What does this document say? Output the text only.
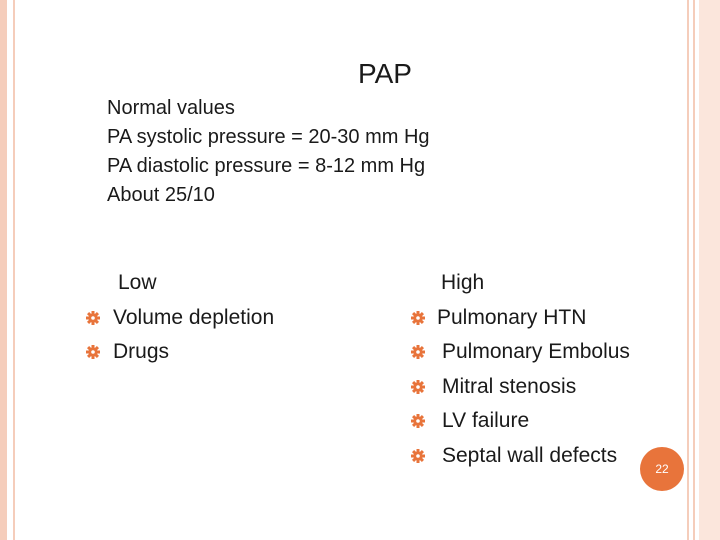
PAP
Normal values
PA systolic pressure = 20-30 mm Hg
PA diastolic pressure = 8-12 mm Hg
About 25/10
Low
Volume depletion
Drugs
High
Pulmonary HTN
Pulmonary Embolus
Mitral stenosis
LV failure
Septal wall defects
22
